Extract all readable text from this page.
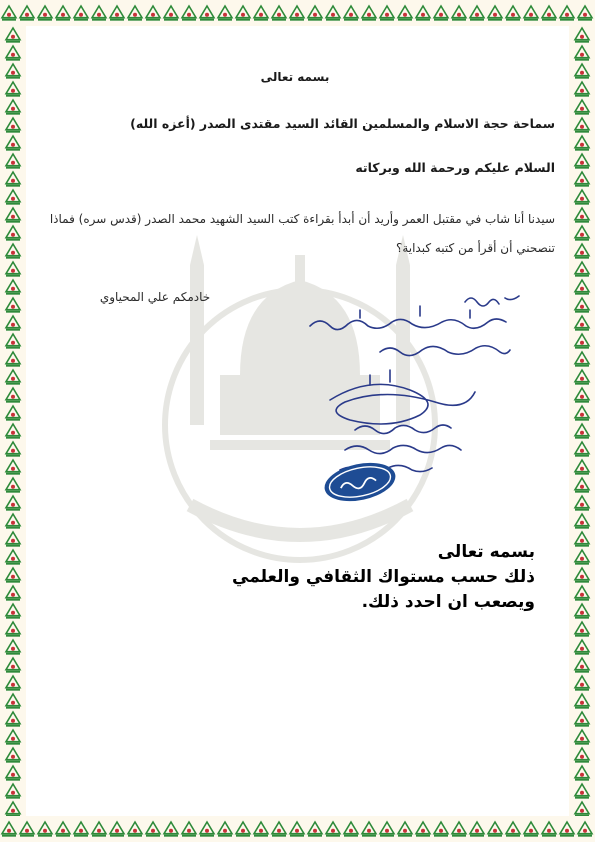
بسمه تعالى
سماحة حجة الاسلام والمسلمين القائد السيد مقتدى الصدر (أعزه الله)
السلام عليكم ورحمة الله وبركاته
سيدنا أنا شاب في مقتبل العمر وأريد أن أبدأ بقراءة كتب السيد الشهيد محمد الصدر (قدس سره) فماذا
تنصحني أن أقرأ من كتبه كبداية؟
خادمكم علي المحياوي
بسمه تعالى
ذلك حسب مستواك الثقافي والعلمي
ويصعب ان احدد ذلك.
